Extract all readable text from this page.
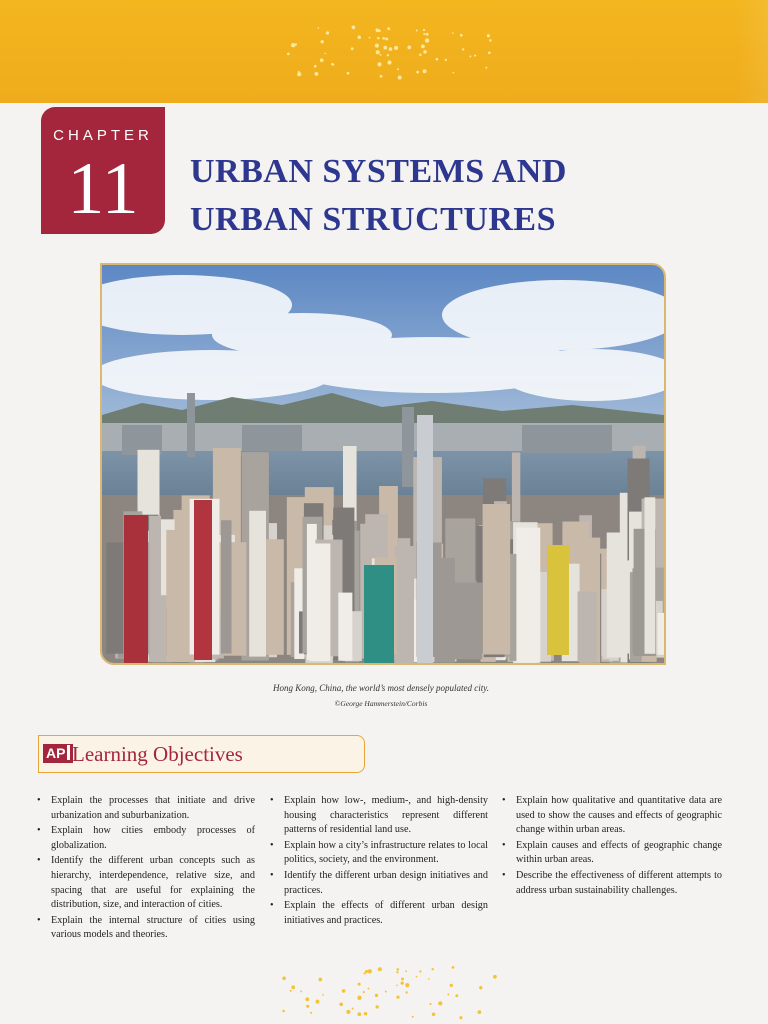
CHAPTER
11	URBAN SYSTEMS AND
URBAN STRUCTURES
Hong Kong, China, the world’s most densely populated city.
©George Hammerstein/Corbis
AP Learning Objectives
• Explain the processes that initiate and drive urbanization and suburbanization.
• Explain how cities embody processes of globalization.
• Identify the different urban concepts such as hierarchy, interdependence, relative size, and spacing that are useful for explaining the distribution, size, and interaction of cities.
• Explain the internal structure of cities using various models and theories.
• Explain how low-, medium-, and high-density housing characteristics represent different patterns of residential land use.
• Explain how a city’s infrastructure relates to local politics, society, and the environment.
• Identify the different urban design initiatives and practices.
• Explain the effects of different urban design initiatives and practices.
• Explain how qualitative and quantitative data are used to show the causes and effects of geographic change within urban areas.
• Explain causes and effects of geographic change within urban areas.
• Describe the effectiveness of different attempts to address urban sustainability challenges.
